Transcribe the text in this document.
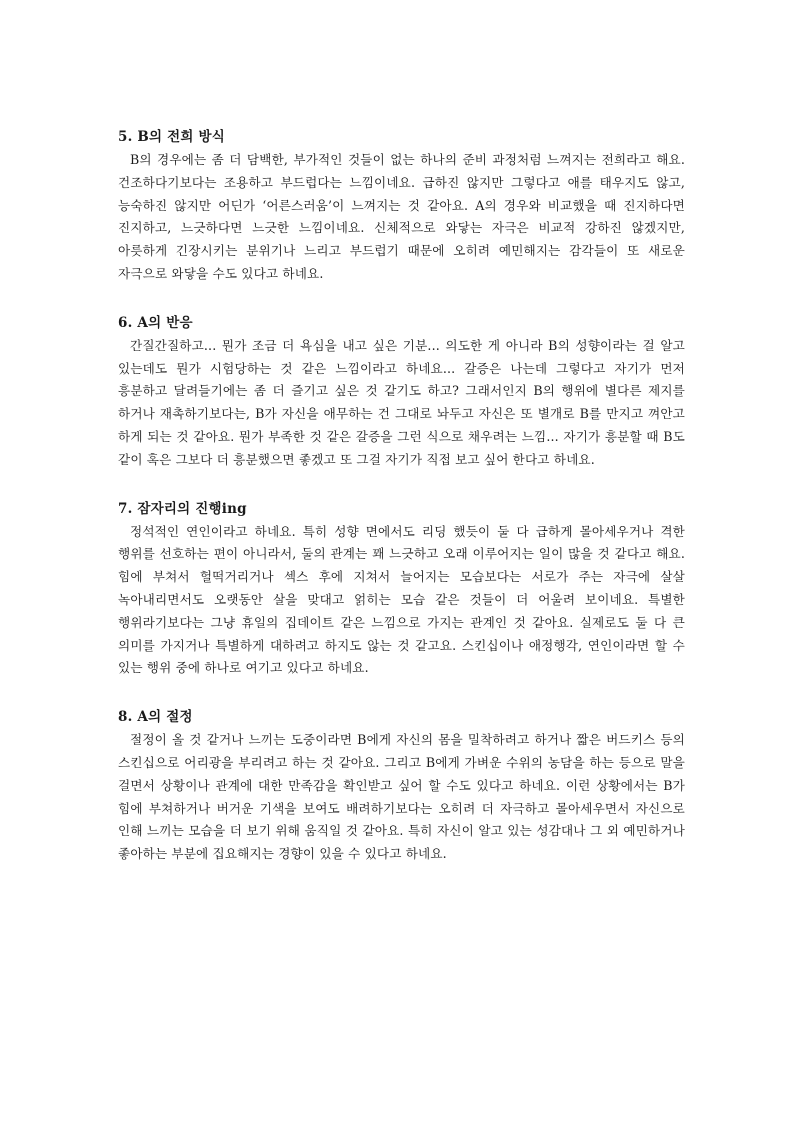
5. B의 전희 방식

B의 경우에는 좀 더 담백한, 부가적인 것들이 없는 하나의 준비 과정처럼 느껴지는 전희라고 해요. 건조하다기보다는 조용하고 부드럽다는 느낌이네요. 급하진 않지만 그렇다고 애를 태우지도 않고, 능숙하진 않지만 어딘가 ‘어른스러움’이 느껴지는 것 같아요. A의 경우와 비교했을 때 진지하다면 진지하고, 느긋하다면 느긋한 느낌이네요. 신체적으로 와닿는 자극은 비교적 강하진 않겠지만, 아릇하게 긴장시키는 분위기나 느리고 부드럽기 때문에 오히려 예민해지는 감각들이 또 새로운 자극으로 와닿을 수도 있다고 하네요.

6. A의 반응

간질간질하고... 뭔가 조금 더 욕심을 내고 싶은 기분... 의도한 게 아니라 B의 성향이라는 걸 알고 있는데도 뭔가 시험당하는 것 같은 느낌이라고 하네요... 갈증은 나는데 그렇다고 자기가 먼저 흥분하고 달려들기에는 좀 더 즐기고 싶은 것 같기도 하고? 그래서인지 B의 행위에 별다른 제지를 하거나 재촉하기보다는, B가 자신을 애무하는 건 그대로 놔두고 자신은 또 별개로 B를 만지고 껴안고 하게 되는 것 같아요. 뭔가 부족한 것 같은 갈증을 그런 식으로 채우려는 느낌... 자기가 흥분할 때 B도 같이 혹은 그보다 더 흥분했으면 좋겠고 또 그걸 자기가 직접 보고 싶어 한다고 하네요.

7. 잠자리의 진행ing

정석적인 연인이라고 하네요. 특히 성향 면에서도 리딩 했듯이 둘 다 급하게 몰아세우거나 격한 행위를 선호하는 편이 아니라서, 둘의 관계는 꽤 느긋하고 오래 이루어지는 일이 많을 것 같다고 해요. 힘에 부쳐서 헐떡거리거나 섹스 후에 지쳐서 늘어지는 모습보다는 서로가 주는 자극에 살살 녹아내리면서도 오랫동안 살을 맞대고 얽히는 모습 같은 것들이 더 어울려 보이네요. 특별한 행위라기보다는 그냥 휴일의 집데이트 같은 느낌으로 가지는 관계인 것 같아요. 실제로도 둘 다 큰 의미를 가지거나 특별하게 대하려고 하지도 않는 것 같고요. 스킨십이나 애정행각, 연인이라면 할 수 있는 행위 중에 하나로 여기고 있다고 하네요.

8. A의 절정

절정이 올 것 같거나 느끼는 도중이라면 B에게 자신의 몸을 밀착하려고 하거나 짧은 버드키스 등의 스킨십으로 어리광을 부리려고 하는 것 같아요. 그리고 B에게 가벼운 수위의 농담을 하는 등으로 말을 걸면서 상황이나 관계에 대한 만족감을 확인받고 싶어 할 수도 있다고 하네요. 이런 상황에서는 B가 힘에 부쳐하거나 버거운 기색을 보여도 배려하기보다는 오히려 더 자극하고 몰아세우면서 자신으로 인해 느끼는 모습을 더 보기 위해 움직일 것 같아요. 특히 자신이 알고 있는 성감대나 그 외 예민하거나 좋아하는 부분에 집요해지는 경향이 있을 수 있다고 하네요.
